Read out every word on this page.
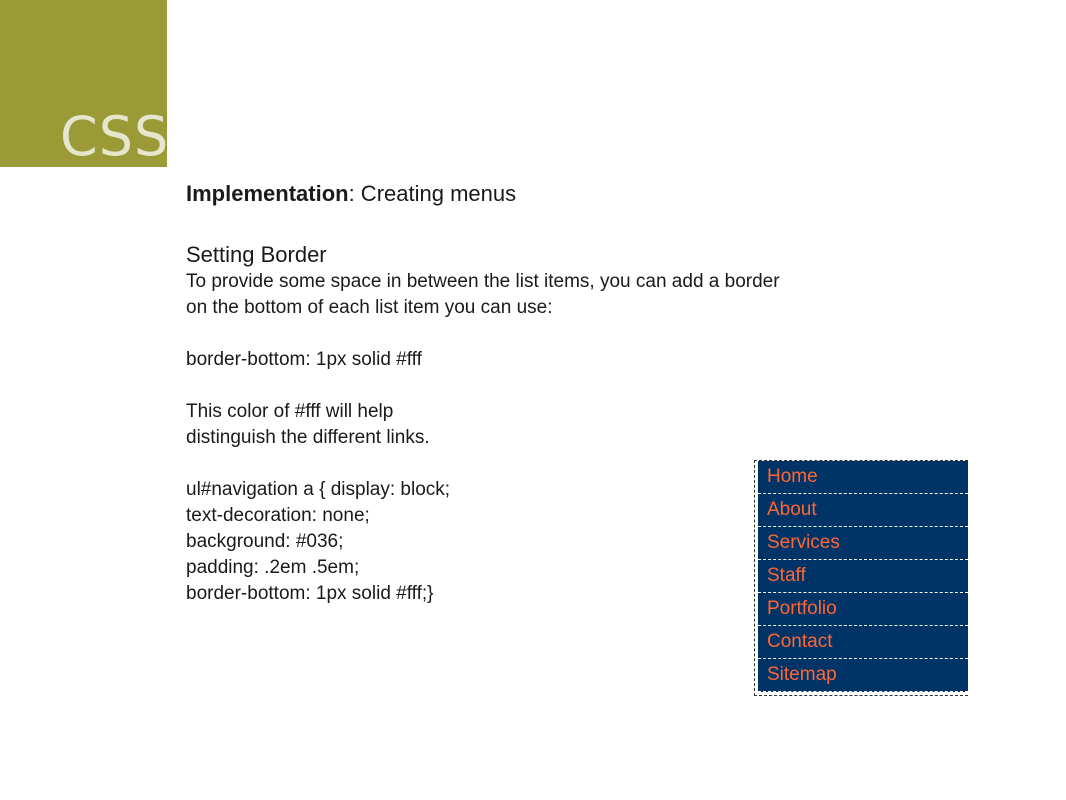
CSS
Implementation: Creating menus
Setting Border
To provide some space in between the list items, you can add a border
on the bottom of each list item you can use:
border-bottom: 1px solid #fff
This color of #fff will help
distinguish the different links.
ul#navigation a { display: block;
text-decoration: none;
background: #036;
padding: .2em .5em;
border-bottom: 1px solid #fff;}
Home
About
Services
Staff
Portfolio
Contact
Sitemap
